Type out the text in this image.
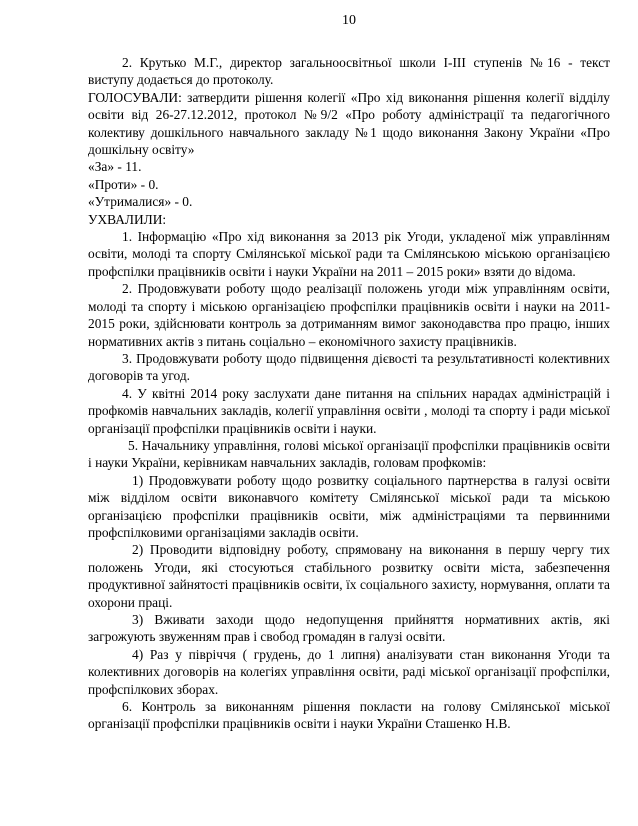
10

2. Крутько М.Г., директор загальноосвітньої школи І-ІІІ ступенів №16 - текст виступу додається до протоколу.

ГОЛОСУВАЛИ: затвердити рішення колегії «Про хід виконання рішення колегії відділу освіти від 26-27.12.2012, протокол №9/2 «Про роботу адміністрації та педагогічного колективу дошкільного навчального закладу №1 щодо виконання Закону України «Про дошкільну освіту»

«За» - 11.

«Проти» - 0.

«Утрималися» - 0.

УХВАЛИЛИ:

1. Інформацію «Про хід виконання за 2013 рік Угоди, укладеної між управлінням освіти, молоді та спорту Смілянської міської ради та Смілянською міською організацією профспілки працівників освіти і науки України на 2011 – 2015 роки» взяти до відома.

2. Продовжувати роботу щодо реалізації положень угоди між управлінням освіти, молоді та спорту і міською організацією профспілки працівників освіти і науки на 2011-2015 роки, здійснювати контроль за дотриманням вимог законодавства про працю, інших нормативних актів з питань соціально – економічного захисту працівників.

3. Продовжувати роботу щодо підвищення дієвості та результативності колективних договорів та угод.

4. У квітні 2014 року заслухати дане питання на спільних нарадах адміністрацій і профкомів навчальних закладів, колегії управління освіти , молоді та спорту і ради міської організації профспілки працівників освіти і науки.

5. Начальнику управління, голові міської організації профспілки працівників освіти і науки України, керівникам навчальних закладів, головам профкомів:

1) Продовжувати роботу щодо розвитку соціального партнерства в галузі освіти між відділом освіти виконавчого комітету Смілянської міської ради та міською організацією профспілки працівників освіти, між адміністраціями та первинними профспілковими організаціями закладів освіти.

2) Проводити відповідну роботу, спрямовану на виконання в першу чергу тих положень Угоди, які стосуються стабільного розвитку освіти міста, забезпечення продуктивної зайнятості працівників освіти, їх соціального захисту, нормування, оплати та охорони праці.

3) Вживати заходи щодо недопущення прийняття нормативних актів, які загрожують звуженням прав і свобод громадян в галузі освіти.

4) Раз у півріччя ( грудень, до 1 липня) аналізувати стан виконання Угоди та колективних договорів на колегіях управління освіти, раді міської організації профспілки, профспілкових зборах.

6. Контроль за виконанням рішення покласти на голову Смілянської міської організації профспілки працівників освіти і науки України Сташенко Н.В.
